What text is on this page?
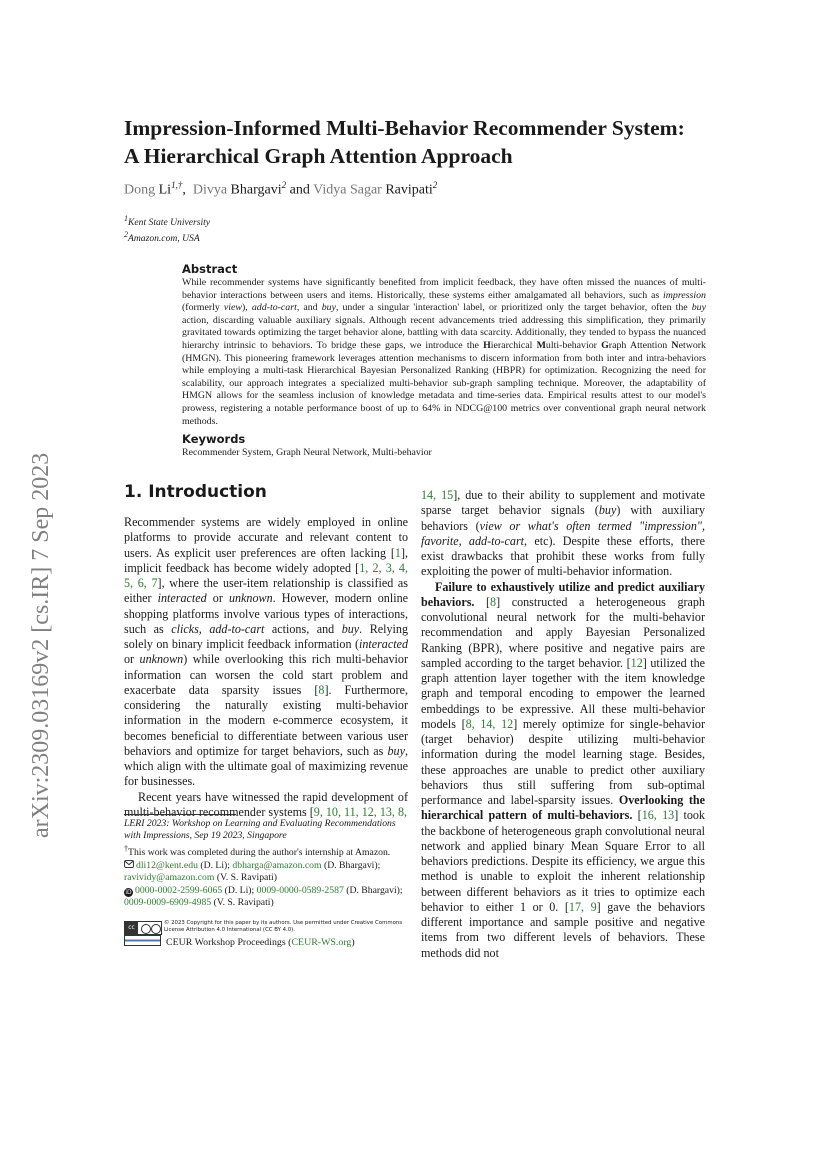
arXiv:2309.03169v2 [cs.IR] 7 Sep 2023
Impression-Informed Multi-Behavior Recommender System:
A Hierarchical Graph Attention Approach
Dong $Li^{1,\dagger}$,  Divya Bhargavi$^2$ and Vidya Sagar Ravipati$^2$
$^1$Kent State University
$^2$Amazon.com, USA
Abstract

While recommender systems have significantly benefited from implicit feedback, they have often missed the nuances of multi-behavior interactions between users and items. Historically, these systems either amalgamated all behaviors, such as impression (formerly view), add-to-cart, and buy, under a singular 'interaction' label, or prioritized only the target behavior, often the buy action, discarding valuable auxiliary signals. Although recent advancements tried addressing this simplification, they primarily gravitated towards optimizing the target behavior alone, battling with data scarcity. Additionally, they tended to bypass the nuanced hierarchy intrinsic to behaviors. To bridge these gaps, we introduce the Hierarchical Multi-behavior Graph Attention Network (HMGN). This pioneering framework leverages attention mechanisms to discern information from both inter and intra-behaviors while employing a multi-task Hierarchical Bayesian Personalized Ranking (HBPR) for optimization. Recognizing the need for scalability, our approach integrates a specialized multi-behavior sub-graph sampling technique. Moreover, the adaptability of HMGN allows for the seamless inclusion of knowledge metadata and time-series data. Empirical results attest to our model's prowess, registering a notable performance boost of up to 64% in NDCG@100 metrics over conventional graph neural network methods.

Keywords

Recommender System, Graph Neural Network, Multi-behavior

1. Introduction

Recommender systems are widely employed in online platforms to provide accurate and relevant content to users. As explicit user preferences are often lacking [1], implicit feedback has become widely adopted [1, 2, 3, 4, 5, 6, 7], where the user-item relationship is classified as either interacted or unknown. However, modern online shopping platforms involve various types of interactions, such as clicks, add-to-cart actions, and buy. Relying solely on binary implicit feedback information (interacted or unknown) while overlooking this rich multi-behavior information can worsen the cold start problem and exacerbate data sparsity issues [8]. Furthermore, considering the naturally existing multi-behavior information in the modern e-commerce ecosystem, it becomes beneficial to differentiate between various user behaviors and optimize for target behaviors, such as buy, which align with the ultimate goal of maximizing revenue for businesses.

Recent years have witnessed the rapid development of multi-behavior recommender systems [9, 10, 11, 12, 13, 8,

14, 15], due to their ability to supplement and motivate sparse target behavior signals (buy) with auxiliary behaviors (view or what's often termed "impression", favorite, add-to-cart, etc). Despite these efforts, there exist drawbacks that prohibit these works from fully exploiting the power of multi-behavior information.

Failure to exhaustively utilize and predict auxiliary behaviors. [8] constructed a heterogeneous graph convolutional neural network for the multi-behavior recommendation and apply Bayesian Personalized Ranking (BPR), where positive and negative pairs are sampled according to the target behavior. [12] utilized the graph attention layer together with the item knowledge graph and temporal encoding to empower the learned embeddings to be expressive. All these multi-behavior models [8, 14, 12] merely optimize for single-behavior (target behavior) despite utilizing multi-behavior information during the model learning stage. Besides, these approaches are unable to predict other auxiliary behaviors thus still suffering from sub-optimal performance and label-sparsity issues. Overlooking the hierarchical pattern of multi-behaviors. [16, 13] took the backbone of heterogeneous graph convolutional neural network and applied binary Mean Square Error to all behaviors predictions. Despite its efficiency, we argue this method is unable to exploit the inherent relationship between different behaviors as it tries to optimize each behavior to either 1 or 0. [17, 9] gave the behaviors different importance and sample positive and negative items from two different levels of behaviors. These methods did not

LERI 2023: Workshop on Learning and Evaluating Recommendations with Impressions, Sep 19 2023, Singapore

†This work was completed during the author's internship at Amazon.

dli12@kent.edu (D. Li); dbharga@amazon.com (D. Bhargavi);
ravividy@amazon.com (V. S. Ravipati)

iD 0000-0002-2599-6065 (D. Li); 0009-0000-0589-2587 (D. Bhargavi);
0009-0009-6909-4985 (V. S. Ravipati)

cc
© 2023 Copyright for this paper by its authors. Use permitted under Creative Commons License Attribution 4.0 International (CC BY 4.0).
CEUR Workshop Proceedings (CEUR-WS.org)
